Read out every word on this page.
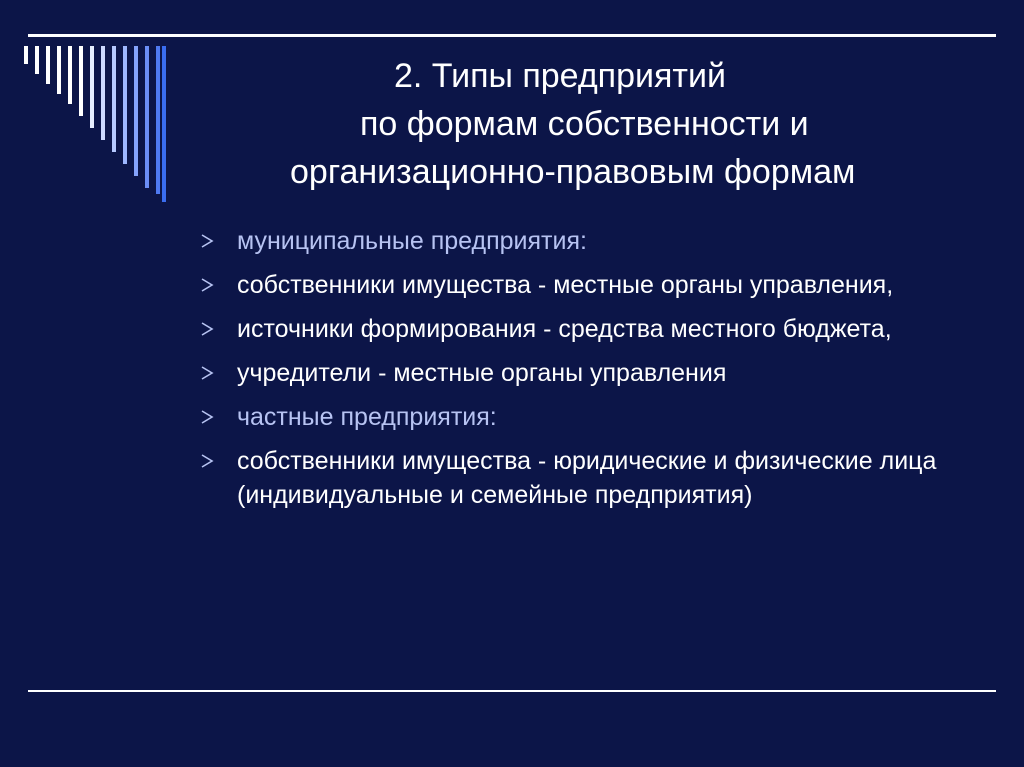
2. Типы предприятий
по формам собственности и
организационно-правовым формам
муниципальные предприятия:
собственники имущества - местные органы управления,
источники формирования - средства местного бюджета,
учредители - местные органы управления
частные предприятия:
собственники имущества - юридические и физические лица (индивидуальные и семейные предприятия)
